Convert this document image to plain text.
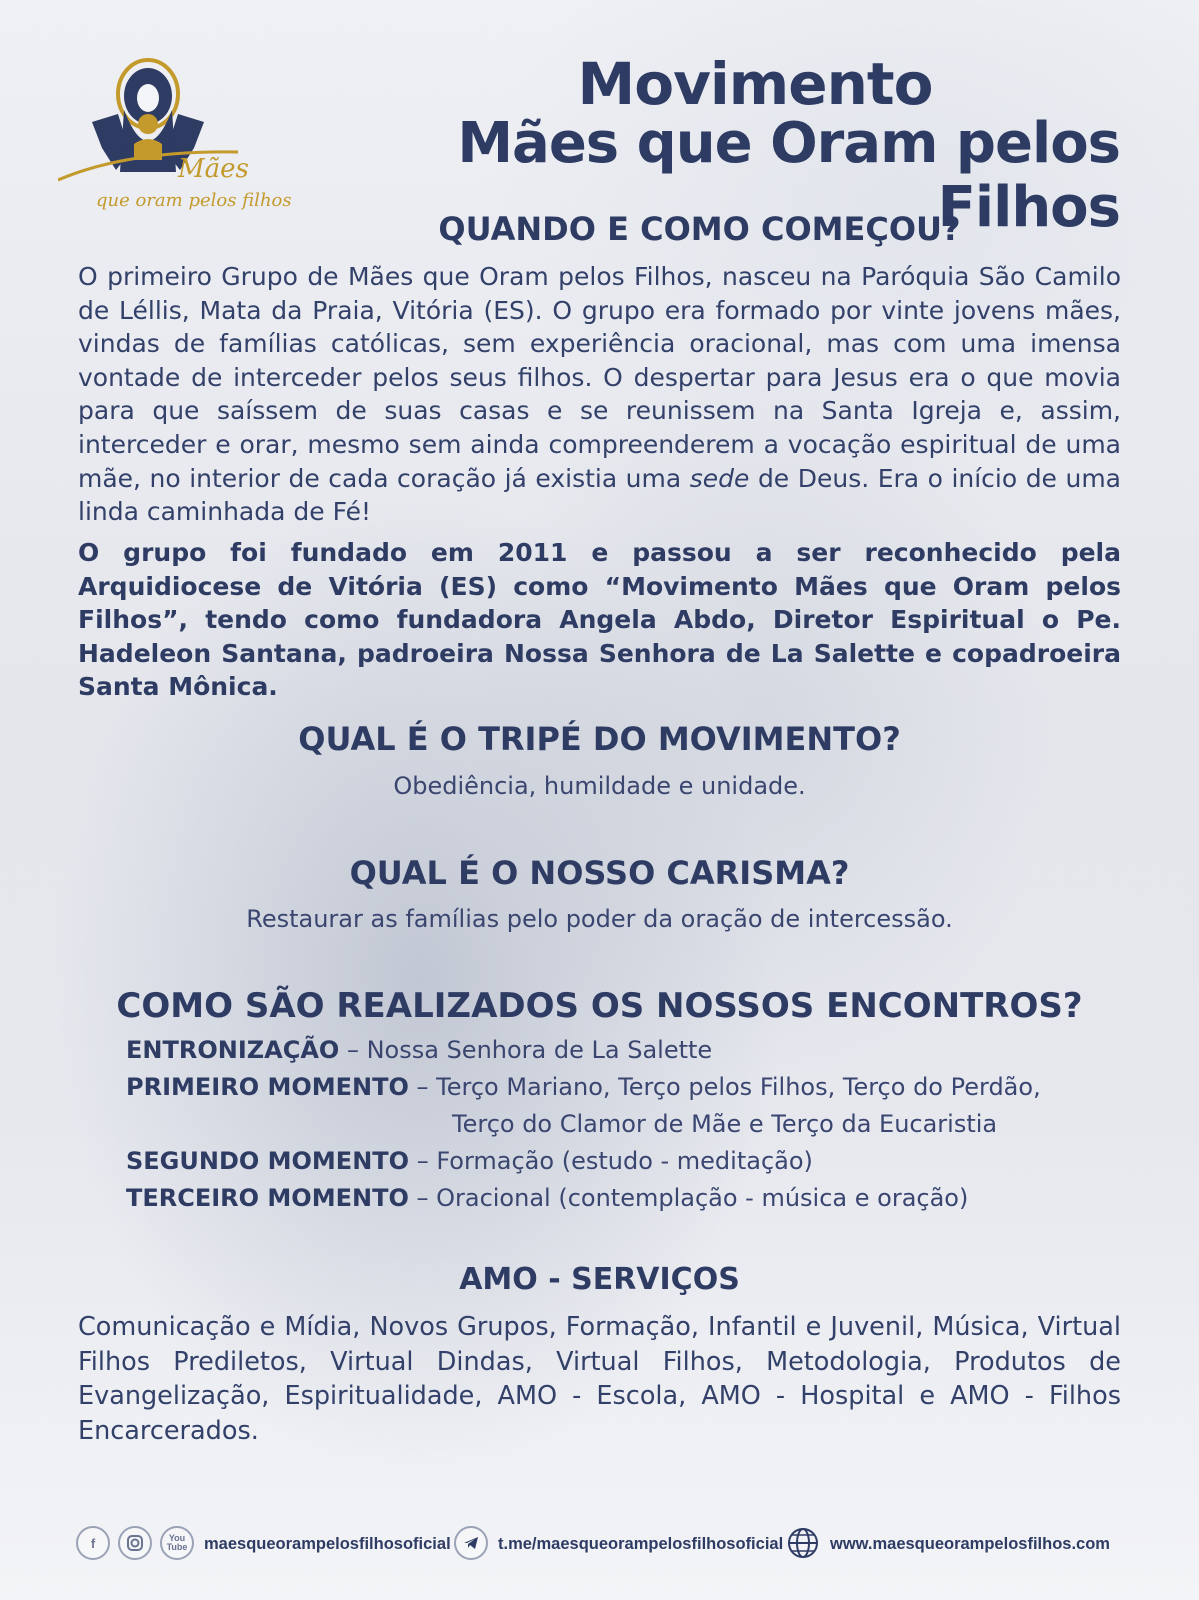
Mães
que oram pelos filhos
Movimento
Mães que Oram pelos Filhos
QUANDO E COMO COMEÇOU?
O primeiro Grupo de Mães que Oram pelos Filhos, nasceu na Paróquia São Camilo de Léllis, Mata da Praia, Vitória (ES). O grupo era formado por vinte jovens mães, vindas de famílias católicas, sem experiência oracional, mas com uma imensa vontade de interceder pelos seus filhos. O despertar para Jesus era o que movia para que saíssem de suas casas e se reunissem na Santa Igreja e, assim, interceder e orar, mesmo sem ainda compreenderem a vocação espiritual de uma mãe, no interior de cada coração já existia uma sede de Deus. Era o início de uma linda caminhada de Fé!
O grupo foi fundado em 2011 e passou a ser reconhecido pela Arquidiocese de Vitória (ES) como “Movimento Mães que Oram pelos Filhos”, tendo como fundadora Angela Abdo, Diretor Espiritual o Pe. Hadeleon Santana, padroeira Nossa Senhora de La Salette e copadroeira Santa Mônica.
QUAL É O TRIPÉ DO MOVIMENTO?
Obediência, humildade e unidade.
QUAL É O NOSSO CARISMA?
Restaurar as famílias pelo poder da oração de intercessão.
COMO SÃO REALIZADOS OS NOSSOS ENCONTROS?
ENTRONIZAÇÃO – Nossa Senhora de La Salette
PRIMEIRO MOMENTO – Terço Mariano, Terço pelos Filhos, Terço do Perdão,
Terço do Clamor de Mãe e Terço da Eucaristia
SEGUNDO MOMENTO – Formação (estudo - meditação)
TERCEIRO MOMENTO – Oracional (contemplação - música e oração)
AMO - SERVIÇOS
Comunicação e Mídia, Novos Grupos, Formação, Infantil e Juvenil, Música, Virtual Filhos Prediletos, Virtual Dindas, Virtual Filhos, Metodologia, Produtos de Evangelização, Espiritualidade, AMO - Escola, AMO - Hospital e AMO - Filhos Encarcerados.
f	You Tube	maesqueorampelosfilhosoficial	t.me/maesqueorampelosfilhosoficial	www.maesqueorampelosfilhos.com
